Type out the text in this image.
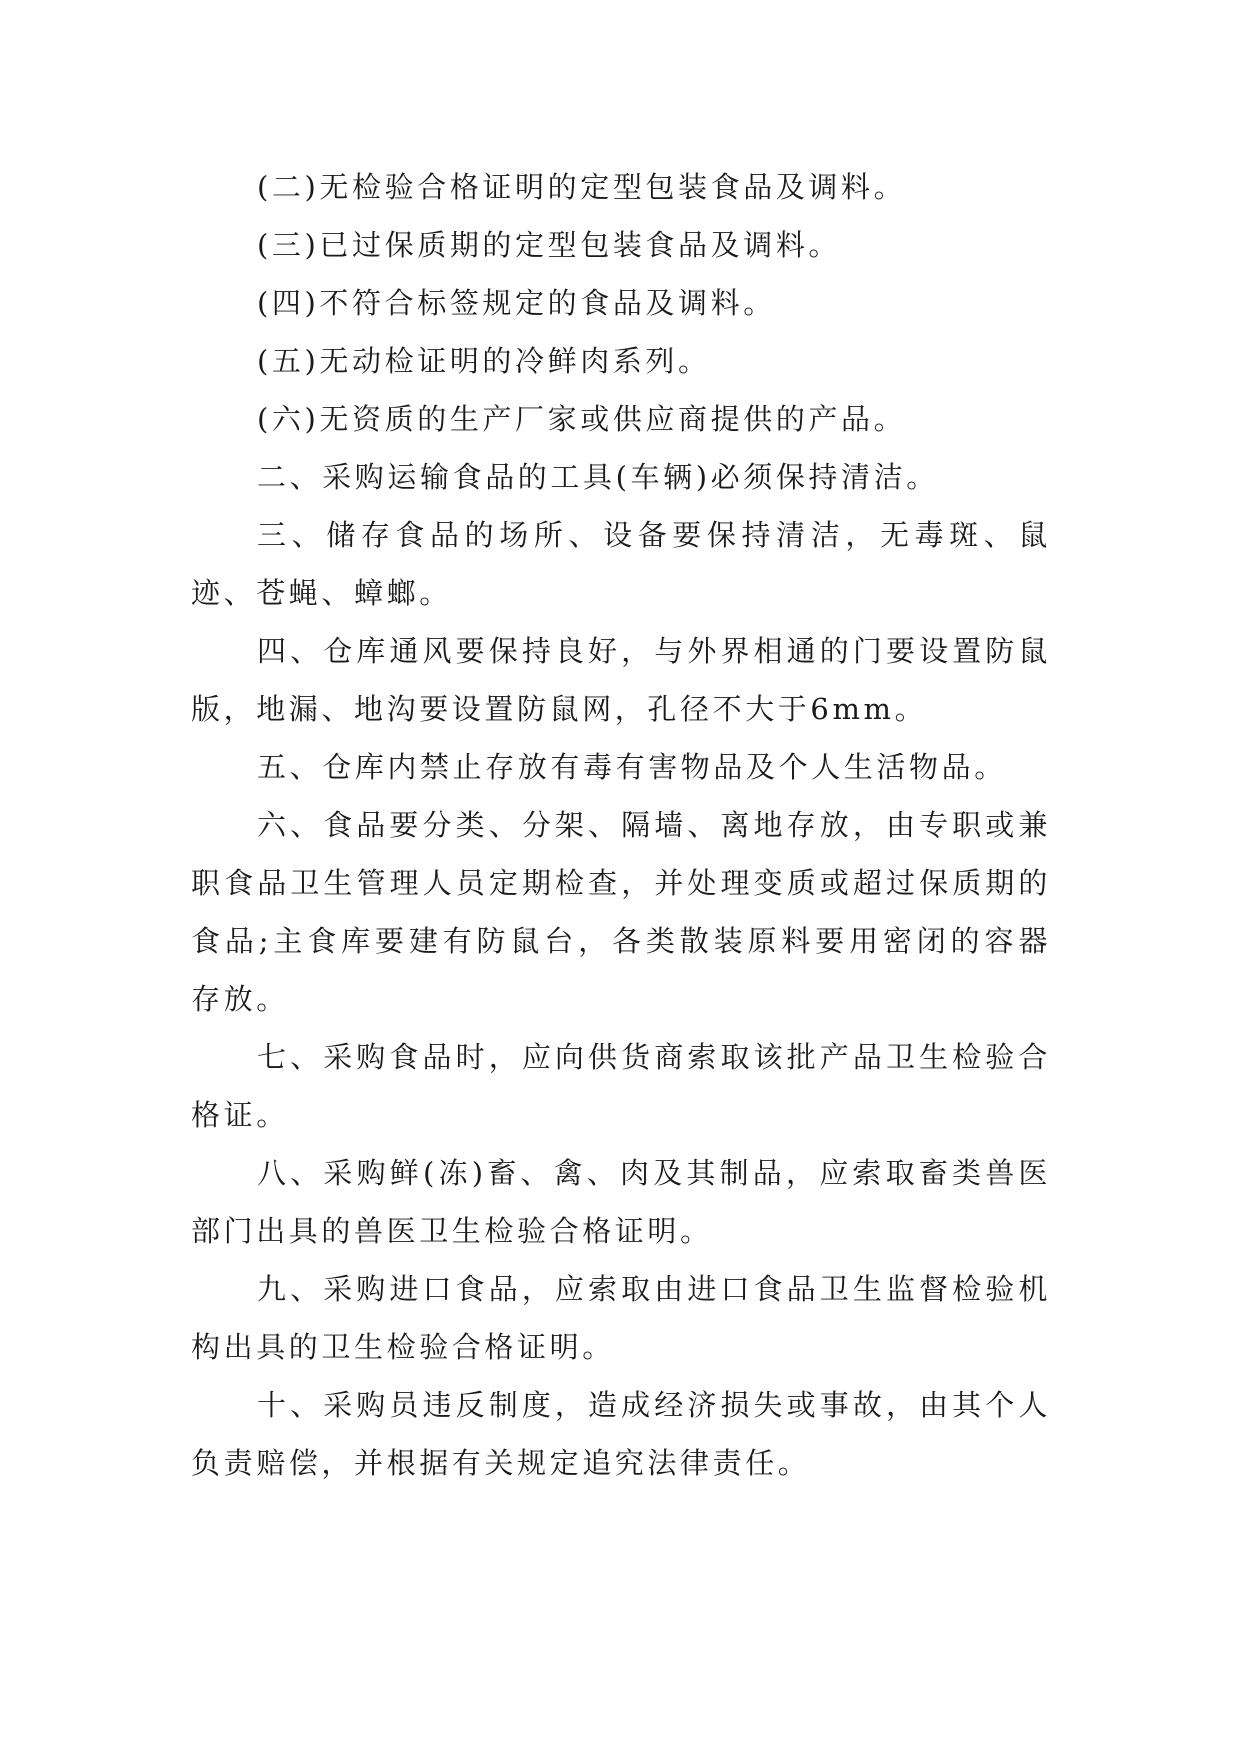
(二)无检验合格证明的定型包装食品及调料。

(三)已过保质期的定型包装食品及调料。

(四)不符合标签规定的食品及调料。

(五)无动检证明的冷鲜肉系列。

(六)无资质的生产厂家或供应商提供的产品。

二、采购运输食品的工具(车辆)必须保持清洁。

三、储存食品的场所、设备要保持清洁，无毒斑、鼠迹、苍蝇、蟑螂。

四、仓库通风要保持良好，与外界相通的门要设置防鼠版，地漏、地沟要设置防鼠网，孔径不大于6mm。

五、仓库内禁止存放有毒有害物品及个人生活物品。

六、食品要分类、分架、隔墙、离地存放，由专职或兼职食品卫生管理人员定期检查，并处理变质或超过保质期的食品;主食库要建有防鼠台，各类散装原料要用密闭的容器存放。

七、采购食品时，应向供货商索取该批产品卫生检验合格证。

八、采购鲜(冻)畜、禽、肉及其制品，应索取畜类兽医部门出具的兽医卫生检验合格证明。

九、采购进口食品，应索取由进口食品卫生监督检验机构出具的卫生检验合格证明。

十、采购员违反制度，造成经济损失或事故，由其个人负责赔偿，并根据有关规定追究法律责任。
